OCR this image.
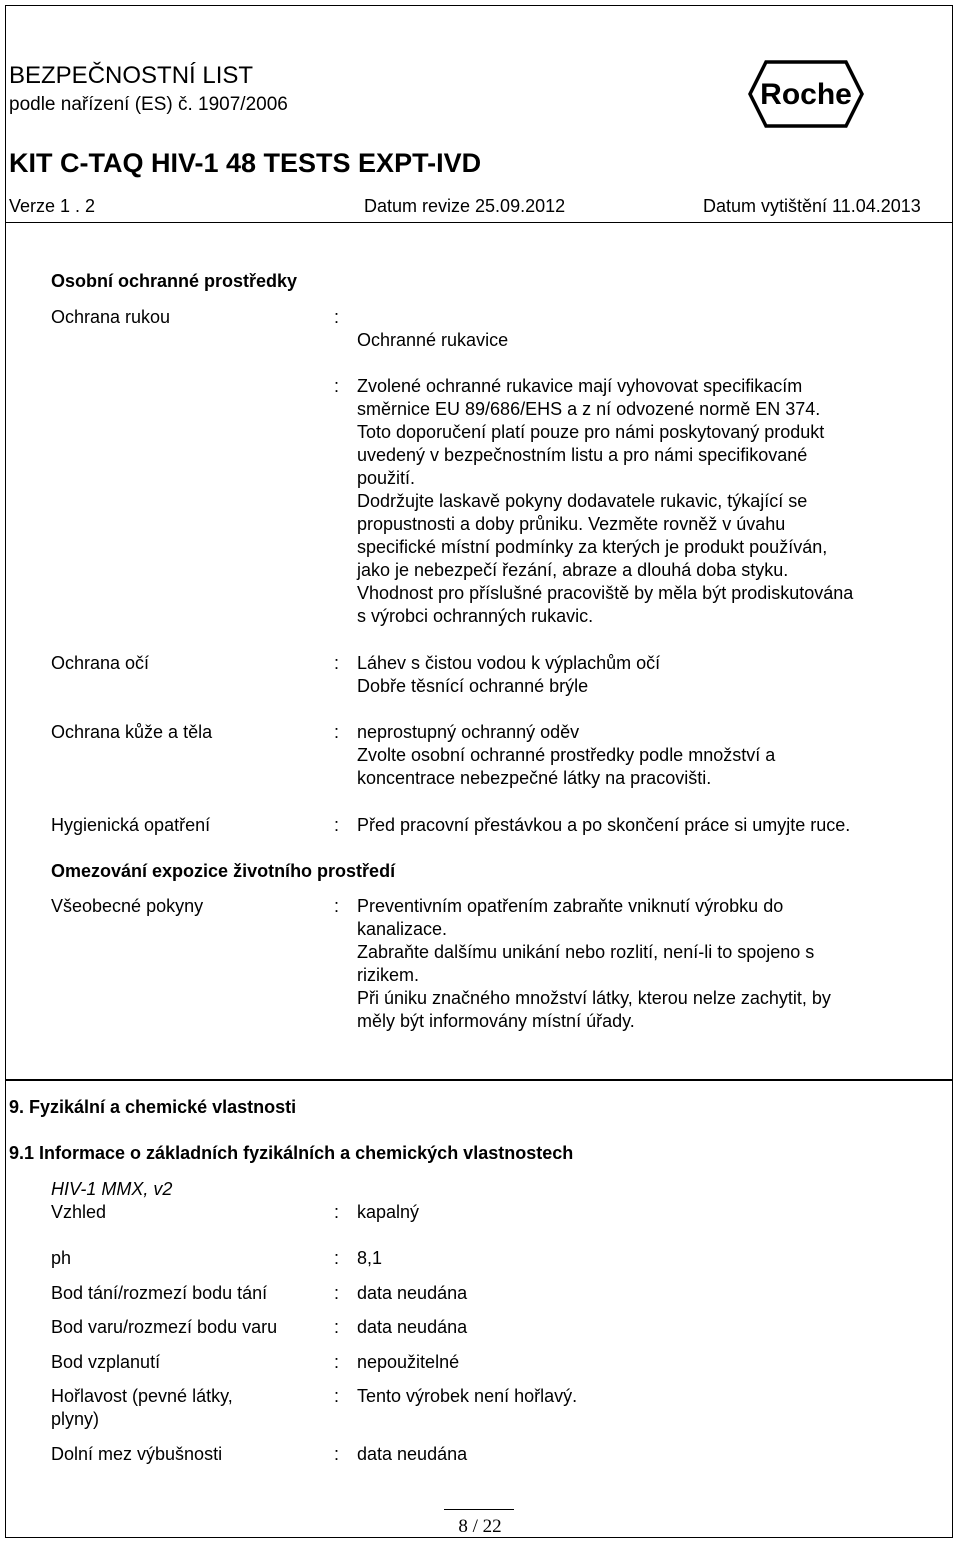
BEZPEČNOSTNÍ LIST
podle nařízení (ES) č. 1907/2006	Roche
KIT C-TAQ HIV-1 48 TESTS EXPT-IVD
Verze 1 . 2	Datum revize 25.09.2012	Datum vytištění 11.04.2013
Osobní ochranné prostředky
Ochrana rukou	:
Ochranné rukavice
: Zvolené ochranné rukavice mají vyhovovat specifikacím
směrnice EU 89/686/EHS a z ní odvozené normě EN 374.
Toto doporučení platí pouze pro námi poskytovaný produkt
uvedený v bezpečnostním listu a pro námi specifikované
použití.
Dodržujte laskavě pokyny dodavatele rukavic, týkající se
propustnosti a doby průniku. Vezměte rovněž v úvahu
specifické místní podmínky za kterých je produkt používán,
jako je nebezpečí řezání, abraze a dlouhá doba styku.
Vhodnost pro příslušné pracoviště by měla být prodiskutována
s výrobci ochranných rukavic.
Ochrana očí	: Láhev s čistou vodou k výplachům očí
Dobře těsnící ochranné brýle
Ochrana kůže a těla	: neprostupný ochranný oděv
Zvolte osobní ochranné prostředky podle množství a
koncentrace nebezpečné látky na pracovišti.
Hygienická opatření	: Před pracovní přestávkou a po skončení práce si umyjte ruce.
Omezování expozice životního prostředí
Všeobecné pokyny	: Preventivním opatřením zabraňte vniknutí výrobku do
kanalizace.
Zabraňte dalšímu unikání nebo rozlití, není-li to spojeno s
rizikem.
Při úniku značného množství látky, kterou nelze zachytit, by
měly být informovány místní úřady.
9. Fyzikální a chemické vlastnosti
9.1 Informace o základních fyzikálních a chemických vlastnostech
HIV-1 MMX, v2
Vzhled	: kapalný
ph	: 8,1
Bod tání/rozmezí bodu tání	: data neudána
Bod varu/rozmezí bodu varu	: data neudána
Bod vzplanutí	: nepoužitelné
Hořlavost (pevné látky,
plyny)
: Tento výrobek není hořlavý.
Dolní mez výbušnosti	: data neudána
8 / 22
